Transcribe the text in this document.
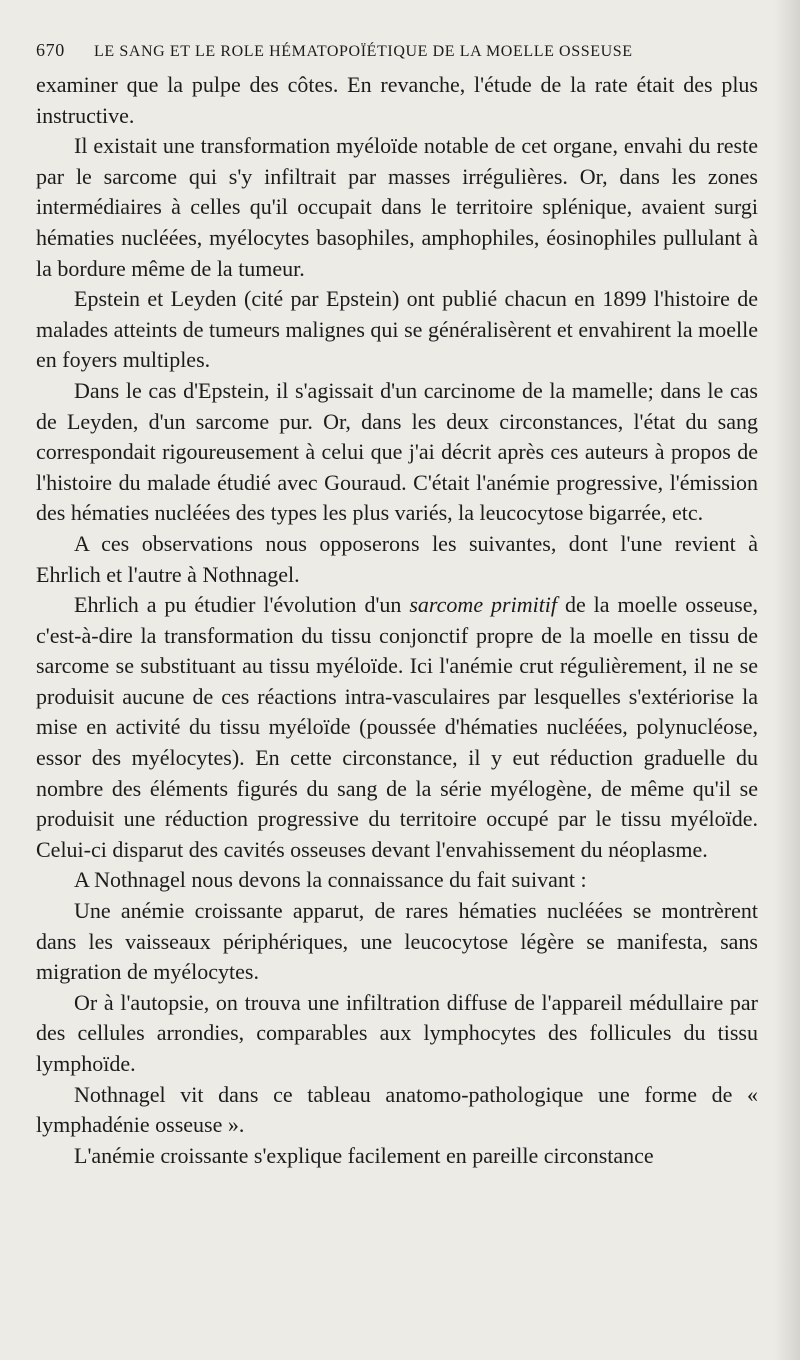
670 LE SANG ET LE ROLE HÉMATOPOÏÉTIQUE DE LA MOELLE OSSEUSE

examiner que la pulpe des côtes. En revanche, l'étude de la rate était des plus instructive.

Il existait une transformation myéloïde notable de cet organe, envahi du reste par le sarcome qui s'y infiltrait par masses irrégulières. Or, dans les zones intermédiaires à celles qu'il occupait dans le territoire splénique, avaient surgi hématies nucléées, myélocytes basophiles, amphophiles, éosinophiles pullulant à la bordure même de la tumeur.

Epstein et Leyden (cité par Epstein) ont publié chacun en 1899 l'histoire de malades atteints de tumeurs malignes qui se généralisèrent et envahirent la moelle en foyers multiples.

Dans le cas d'Epstein, il s'agissait d'un carcinome de la mamelle; dans le cas de Leyden, d'un sarcome pur. Or, dans les deux circonstances, l'état du sang correspondait rigoureusement à celui que j'ai décrit après ces auteurs à propos de l'histoire du malade étudié avec Gouraud. C'était l'anémie progressive, l'émission des hématies nucléées des types les plus variés, la leucocytose bigarrée, etc.

A ces observations nous opposerons les suivantes, dont l'une revient à Ehrlich et l'autre à Nothnagel.

Ehrlich a pu étudier l'évolution d'un sarcome primitif de la moelle osseuse, c'est-à-dire la transformation du tissu conjonctif propre de la moelle en tissu de sarcome se substituant au tissu myéloïde. Ici l'anémie crut régulièrement, il ne se produisit aucune de ces réactions intra-vasculaires par lesquelles s'extériorise la mise en activité du tissu myéloïde (poussée d'hématies nucléées, polynucléose, essor des myélocytes). En cette circonstance, il y eut réduction graduelle du nombre des éléments figurés du sang de la série myélogène, de même qu'il se produisit une réduction progressive du territoire occupé par le tissu myéloïde. Celui-ci disparut des cavités osseuses devant l'envahissement du néoplasme.

A Nothnagel nous devons la connaissance du fait suivant :

Une anémie croissante apparut, de rares hématies nucléées se montrèrent dans les vaisseaux périphériques, une leucocytose légère se manifesta, sans migration de myélocytes.

Or à l'autopsie, on trouva une infiltration diffuse de l'appareil médullaire par des cellules arrondies, comparables aux lymphocytes des follicules du tissu lymphoïde.

Nothnagel vit dans ce tableau anatomo-pathologique une forme de « lymphadénie osseuse ».

L'anémie croissante s'explique facilement en pareille circonstance
